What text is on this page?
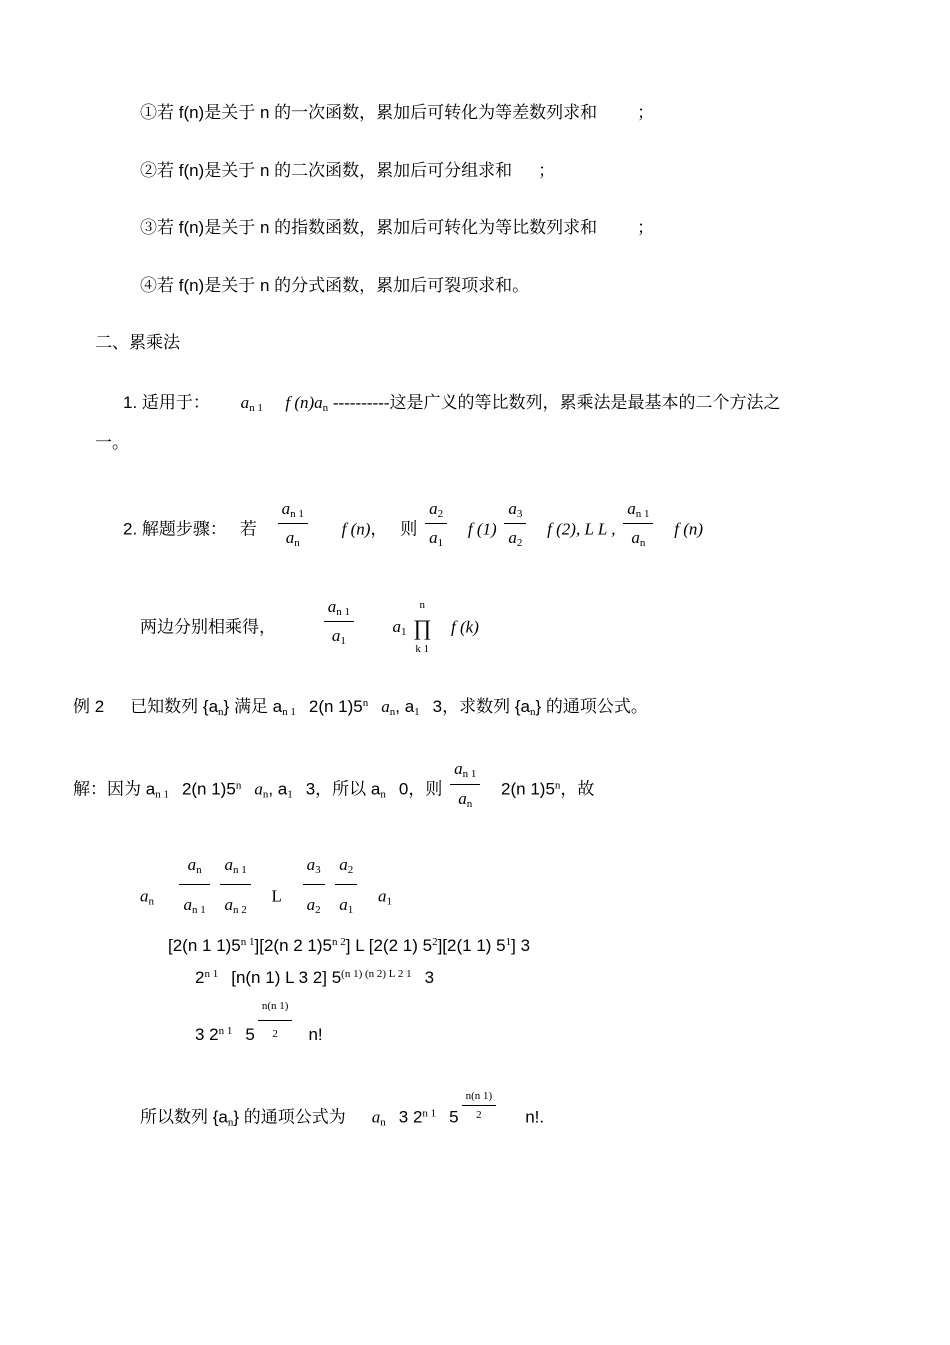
①若 f(n)是关于 n 的一次函数，累加后可转化为等差数列求和 ；

②若 f(n)是关于 n 的二次函数，累加后可分组求和 ；

③若 f(n)是关于 n 的指数函数，累加后可转化为等比数列求和 ；

④若 f(n)是关于 n 的分式函数，累加后可裂项求和。

二、累乘法

1. 适用于： $a_{n 1}$ f $(n)a_n$ ----------这是广义的等比数列，累乘法是最基本的二个方法之

一。

2. 解题步骤： 若 $\frac{a_{n 1}}{a_n}$ f (n)， 则 $\frac{a_2}{a_1}$ f $(1) \frac{a_3}{a_2}$ f (2), L L , $\frac{a_{n 1}}{a_n}$ f (n)

两边分别相乘得，	$\frac{a_{n 1}}{a_1} a_1$
n
∏
k 1
f (k)

例 2 已知数列 $\{a_n\}$ 满足 $a_{n 1}$ 2(n 1)5$^n$ $a_n$, $a_1$ 3，求数列 $\{a_n\}$ 的通项公式。

解：因为 $a_{n 1}$ 2(n 1)5$^n$ $a_n$, $a_1$ 3，所以 $a_n$ 0，则 $\frac{a_{n 1}}{a_n} 2(n$ 1)5$^n$，故

$a_n \frac{a_n}{a_{n 1}}$
$\frac{a_{n 1}}{a_{n 2}}$ L $\frac{a_3}{a_2}$
$\frac{a_2}{a_1} a_1$
[2(n 1 $1)5^{n 1}][2(n$ 2 $1)5^{n 2}$] L [2(2 1) $5^2][2(1$ 1) $5^1$] 3
$2^{n 1}$ [n(n 1) L 3 2] $5^{(n 1) (n 2) L 2 1}$ 3
3 $2^{n 1}$ $5 \frac{n(n 1)}{2} n$!

所以数列 $\{a_n\}$ 的通项公式为 $a_n$ 3 $2^{n 1}$ $5 \frac{n(n 1)}{2} n$!.
